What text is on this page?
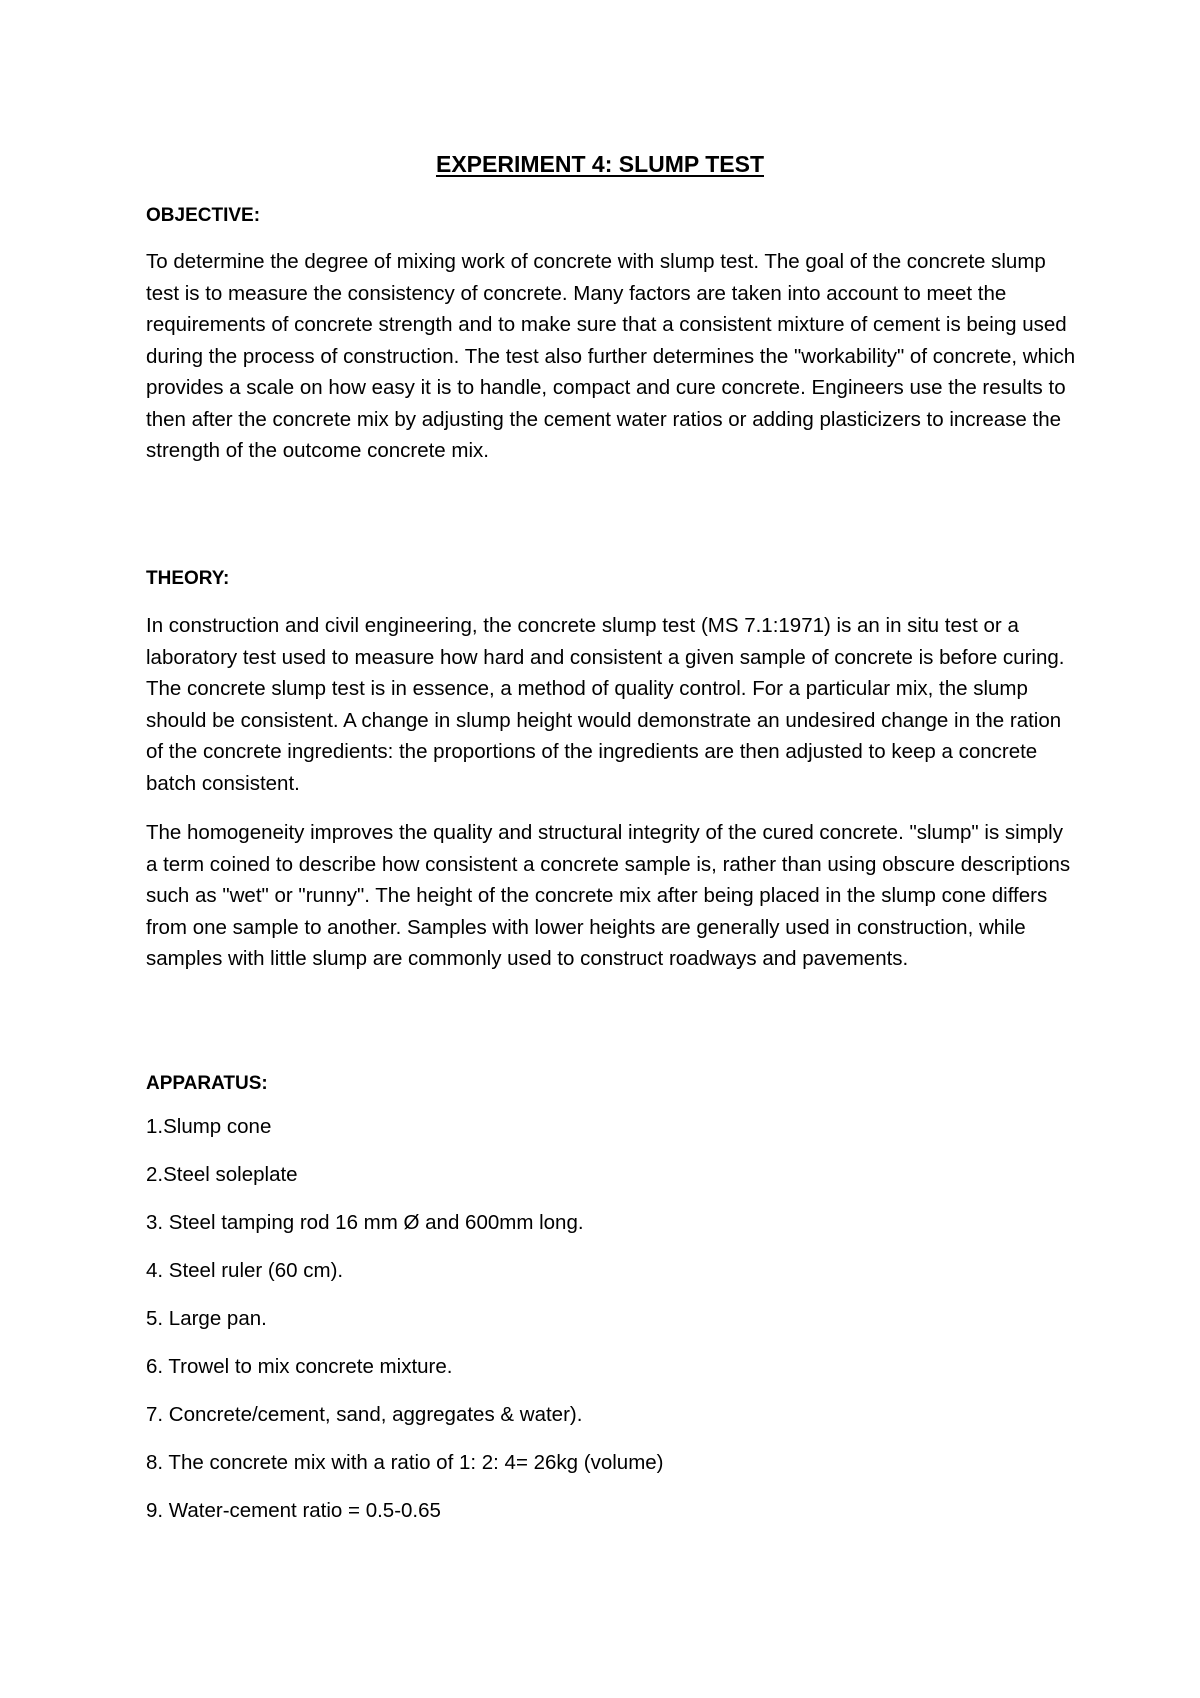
EXPERIMENT 4: SLUMP TEST

OBJECTIVE:

To determine the degree of mixing work of concrete with slump test. The goal of the concrete slump test is to measure the consistency of concrete. Many factors are taken into account to meet the requirements of concrete strength and to make sure that a consistent mixture of cement is being used during the process of construction. The test also further determines the "workability" of concrete, which provides a scale on how easy it is to handle, compact and cure concrete. Engineers use the results to then after the concrete mix by adjusting the cement water ratios or adding plasticizers to increase the strength of the outcome concrete mix.

THEORY:

In construction and civil engineering, the concrete slump test (MS 7.1:1971) is an in situ test or a laboratory test used to measure how hard and consistent a given sample of concrete is before curing. The concrete slump test is in essence, a method of quality control. For a particular mix, the slump should be consistent. A change in slump height would demonstrate an undesired change in the ration of the concrete ingredients: the proportions of the ingredients are then adjusted to keep a concrete batch consistent.

The homogeneity improves the quality and structural integrity of the cured concrete. "slump" is simply a term coined to describe how consistent a concrete sample is, rather than using obscure descriptions such as "wet" or "runny". The height of the concrete mix after being placed in the slump cone differs from one sample to another. Samples with lower heights are generally used in construction, while samples with little slump are commonly used to construct roadways and pavements.

APPARATUS:

1.Slump cone

2.Steel soleplate

3. Steel tamping rod 16 mm Ø and 600mm long.

4. Steel ruler (60 cm).

5. Large pan.

6. Trowel to mix concrete mixture.

7. Concrete/cement, sand, aggregates & water).

8. The concrete mix with a ratio of 1: 2: 4= 26kg (volume)

9. Water-cement ratio = 0.5-0.65
